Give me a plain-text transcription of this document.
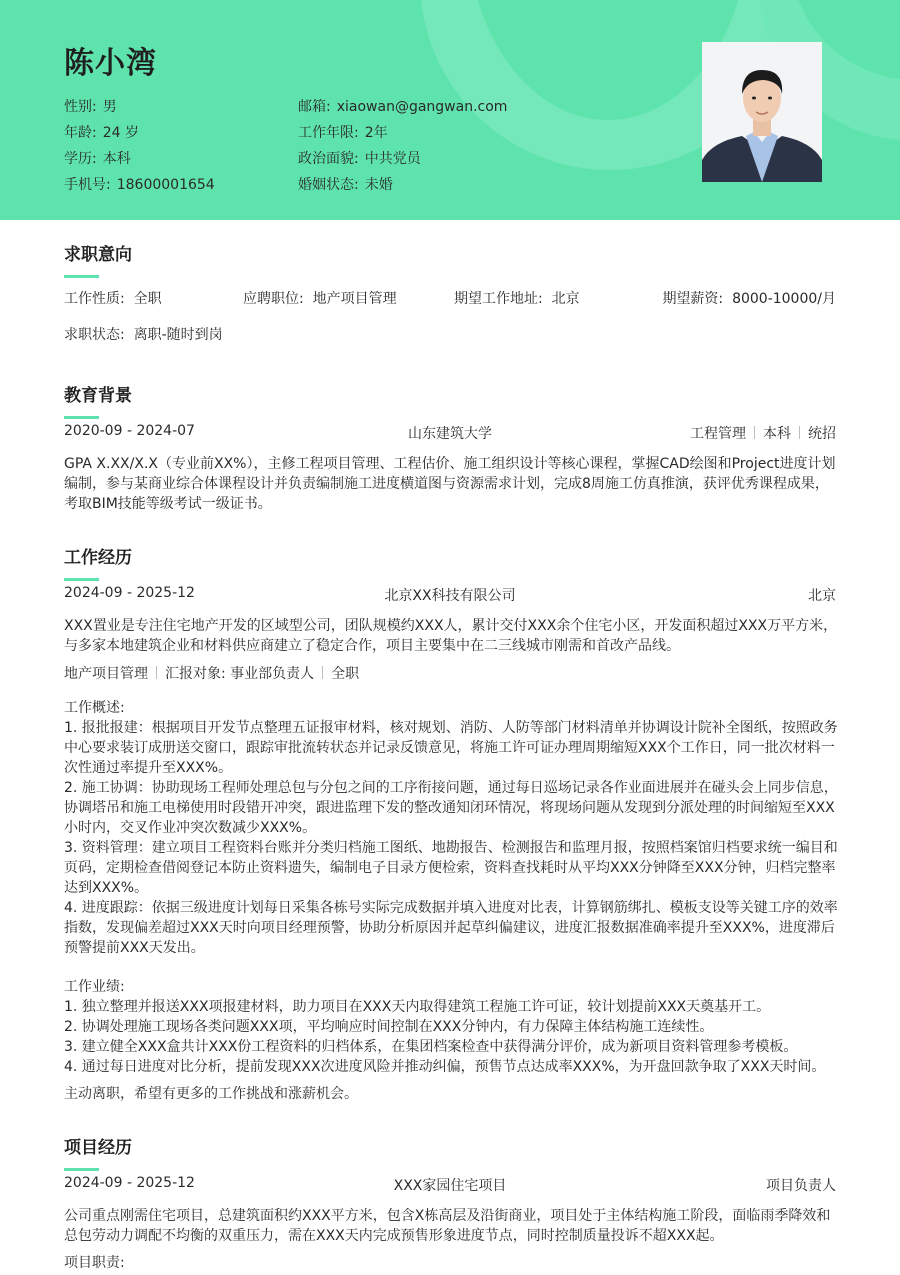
陈小湾
性别: 男	邮箱: xiaowan@gangwan.com
年龄: 24 岁	工作年限: 2年
学历: 本科	政治面貌: 中共党员
手机号: 18600001654	婚姻状态: 未婚
求职意向
工作性质: 全职	应聘职位: 地产项目管理	期望工作地址: 北京	期望薪资: 8000-10000/月
求职状态: 离职-随时到岗
教育背景
2020-09 - 2024-07	山东建筑大学	工程管理 本科 统招
GPA X.XX/X.X（专业前XX%），主修工程项目管理、工程估价、施工组织设计等核心课程，掌握CAD绘图和Project进度计划
编制，参与某商业综合体课程设计并负责编制施工进度横道图与资源需求计划，完成8周施工仿真推演，获评优秀课程成果，
考取BIM技能等级考试一级证书。
工作经历
2024-09 - 2025-12	北京XX科技有限公司	北京
XXX置业是专注住宅地产开发的区域型公司，团队规模约XXX人，累计交付XXX余个住宅小区，开发面积超过XXX万平方米，
与多家本地建筑企业和材料供应商建立了稳定合作，项目主要集中在二三线城市刚需和首改产品线。
地产项目管理 汇报对象: 事业部负责人 全职
工作概述:
1. 报批报建：根据项目开发节点整理五证报审材料，核对规划、消防、人防等部门材料清单并协调设计院补全图纸，按照政务
中心要求装订成册送交窗口，跟踪审批流转状态并记录反馈意见，将施工许可证办理周期缩短XXX个工作日，同一批次材料一
次性通过率提升至XXX%。
2. 施工协调：协助现场工程师处理总包与分包之间的工序衔接问题，通过每日巡场记录各作业面进展并在碰头会上同步信息，
协调塔吊和施工电梯使用时段错开冲突，跟进监理下发的整改通知闭环情况，将现场问题从发现到分派处理的时间缩短至XXX
小时内，交叉作业冲突次数减少XXX%。
3. 资料管理：建立项目工程资料台账并分类归档施工图纸、地勘报告、检测报告和监理月报，按照档案馆归档要求统一编目和
页码，定期检查借阅登记本防止资料遗失，编制电子目录方便检索，资料查找耗时从平均XXX分钟降至XXX分钟，归档完整率
达到XXX%。
4. 进度跟踪：依据三级进度计划每日采集各栋号实际完成数据并填入进度对比表，计算钢筋绑扎、模板支设等关键工序的效率
指数，发现偏差超过XXX天时向项目经理预警，协助分析原因并起草纠偏建议，进度汇报数据准确率提升至XXX%，进度滞后
预警提前XXX天发出。
工作业绩:
1. 独立整理并报送XXX项报建材料，助力项目在XXX天内取得建筑工程施工许可证，较计划提前XXX天奠基开工。
2. 协调处理施工现场各类问题XXX项，平均响应时间控制在XXX分钟内，有力保障主体结构施工连续性。
3. 建立健全XXX盒共计XXX份工程资料的归档体系，在集团档案检查中获得满分评价，成为新项目资料管理参考模板。
4. 通过每日进度对比分析，提前发现XXX次进度风险并推动纠偏，预售节点达成率XXX%，为开盘回款争取了XXX天时间。
主动离职，希望有更多的工作挑战和涨薪机会。
项目经历
2024-09 - 2025-12	XXX家园住宅项目	项目负责人
公司重点刚需住宅项目，总建筑面积约XXX平方米，包含X栋高层及沿街商业，项目处于主体结构施工阶段，面临雨季降效和
总包劳动力调配不均衡的双重压力，需在XXX天内完成预售形象进度节点，同时控制质量投诉不超XXX起。
项目职责:
